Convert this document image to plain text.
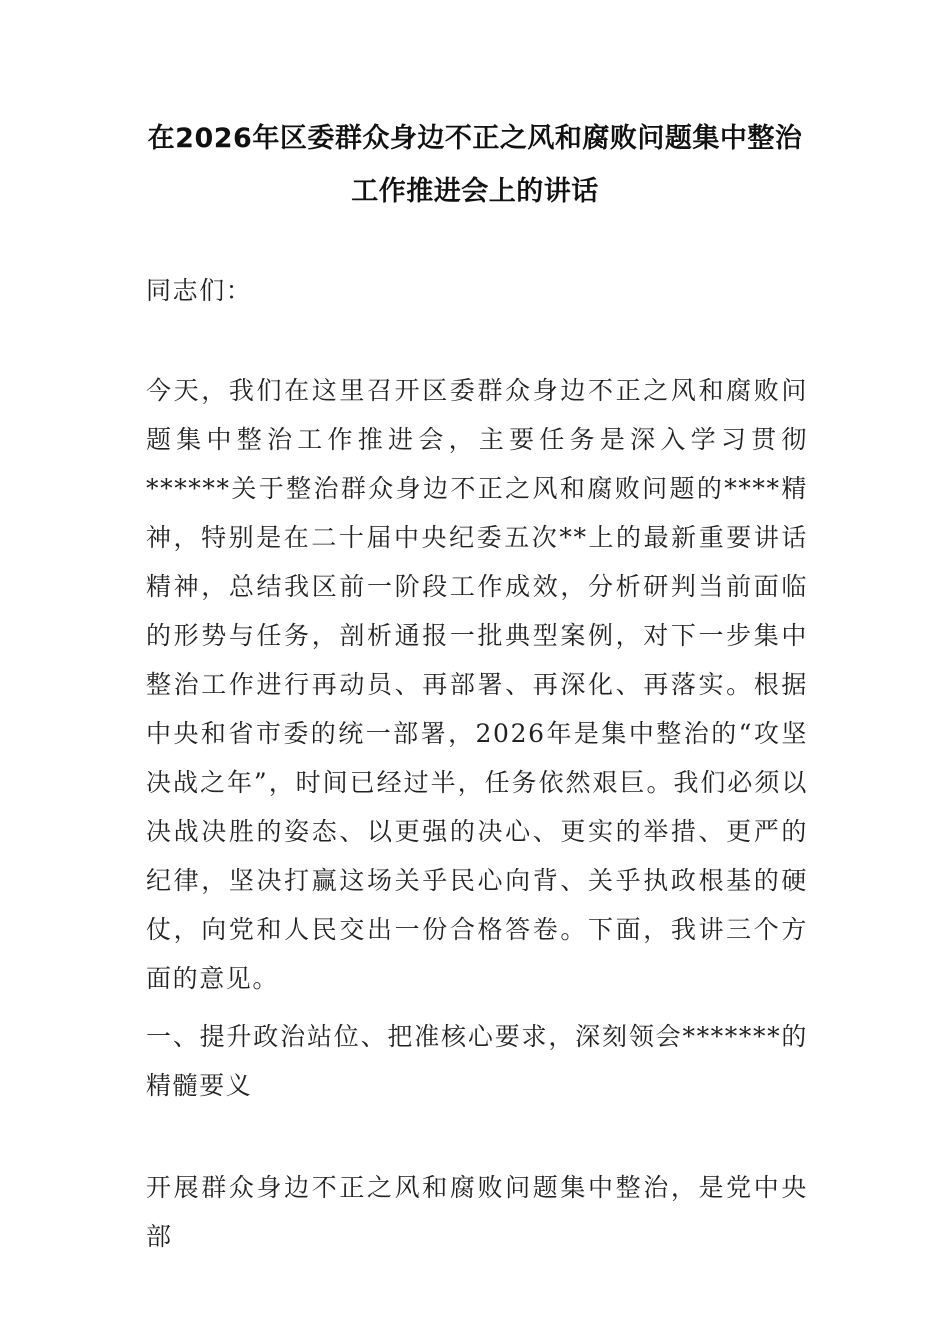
在2026年区委群众身边不正之风和腐败问题集中整治工作推进会上的讲话

同志们：

今天，我们在这里召开区委群众身边不正之风和腐败问题集中整治工作推进会，主要任务是深入学习贯彻******关于整治群众身边不正之风和腐败问题的****精神，特别是在二十届中央纪委五次**上的最新重要讲话精神，总结我区前一阶段工作成效，分析研判当前面临的形势与任务，剖析通报一批典型案例，对下一步集中整治工作进行再动员、再部署、再深化、再落实。根据中央和省市委的统一部署，2026年是集中整治的“攻坚决战之年”，时间已经过半，任务依然艰巨。我们必须以决战决胜的姿态、以更强的决心、更实的举措、更严的纪律，坚决打赢这场关乎民心向背、关乎执政根基的硬仗，向党和人民交出一份合格答卷。下面，我讲三个方面的意见。

一、提升政治站位、把准核心要求，深刻领会*******的精髓要义

开展群众身边不正之风和腐败问题集中整治，是党中央部
